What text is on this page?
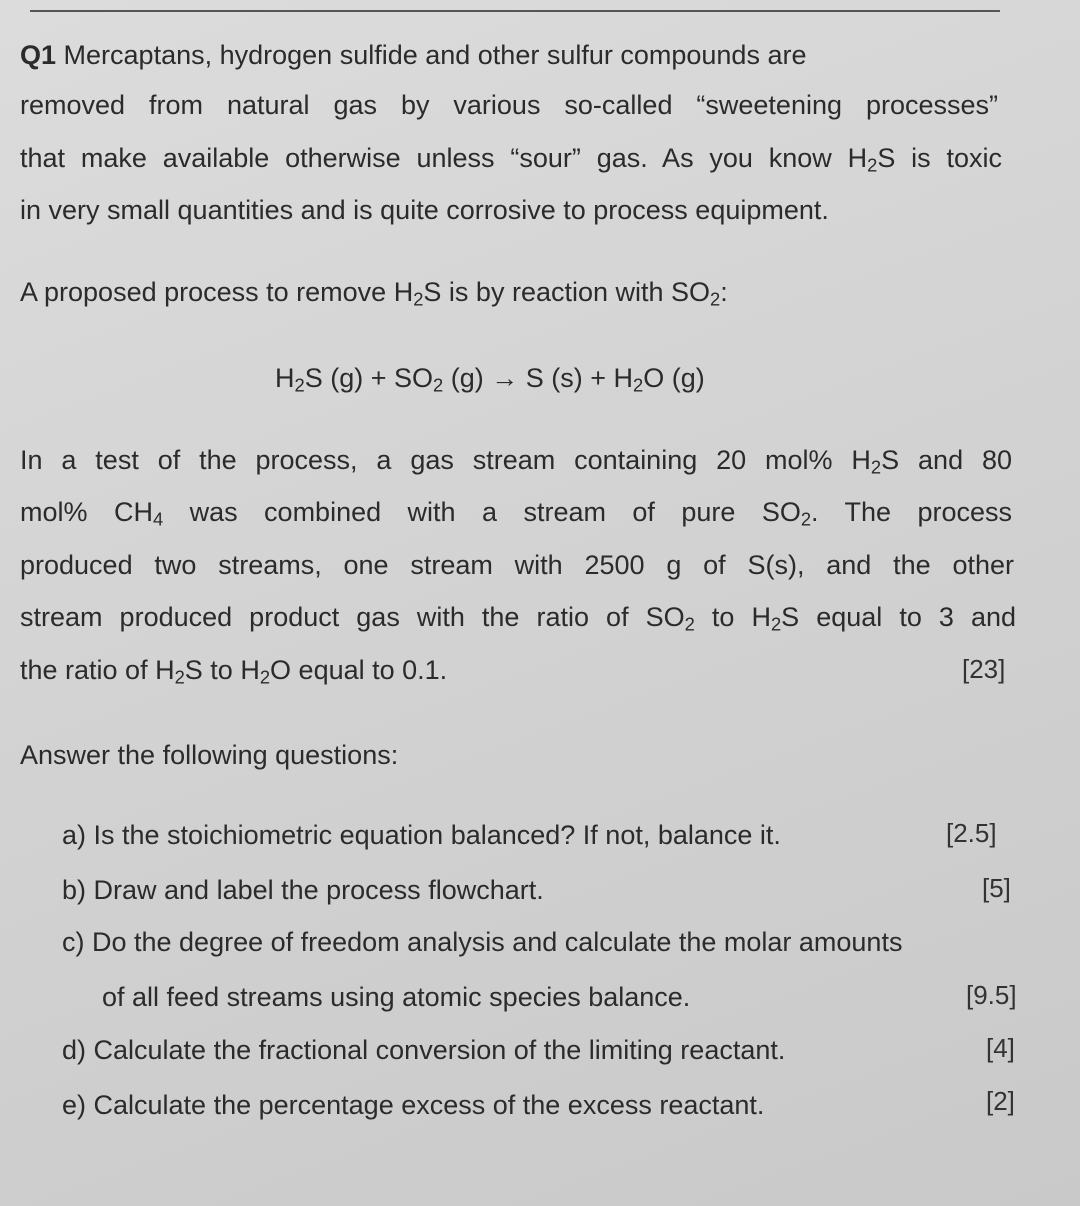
Q1 Mercaptans, hydrogen sulfide and other sulfur compounds are
removed from natural gas by various so-called “sweetening processes”
that make available otherwise unless “sour” gas. As you know $H_2S$ is toxic
in very small quantities and is quite corrosive to process equipment.
A proposed process to remove $H_2S$ is by reaction with $SO_2$:
$H_2S$ $(g) + SO_2$ (g) → S $(s) + H_2O$ (g)
In a test of the process, a gas stream containing 20 mol% $H_2S$ and 80
mol% $CH_4$ was combined with a stream of pure $SO_2$. The process
produced two streams, one stream with 2500 g of S(s), and the other
stream produced product gas with the ratio of $SO_2$ to $H_2S$ equal to 3 and
the ratio of $H_2S$ to $H_2O$ equal to 0.1.	[23]
Answer the following questions:
a) Is the stoichiometric equation balanced? If not, balance it.	[2.5]
b) Draw and label the process flowchart.	[5]
c) Do the degree of freedom analysis and calculate the molar amounts
of all feed streams using atomic species balance.	[9.5]
d) Calculate the fractional conversion of the limiting reactant.	[4]
e) Calculate the percentage excess of the excess reactant.	[2]
